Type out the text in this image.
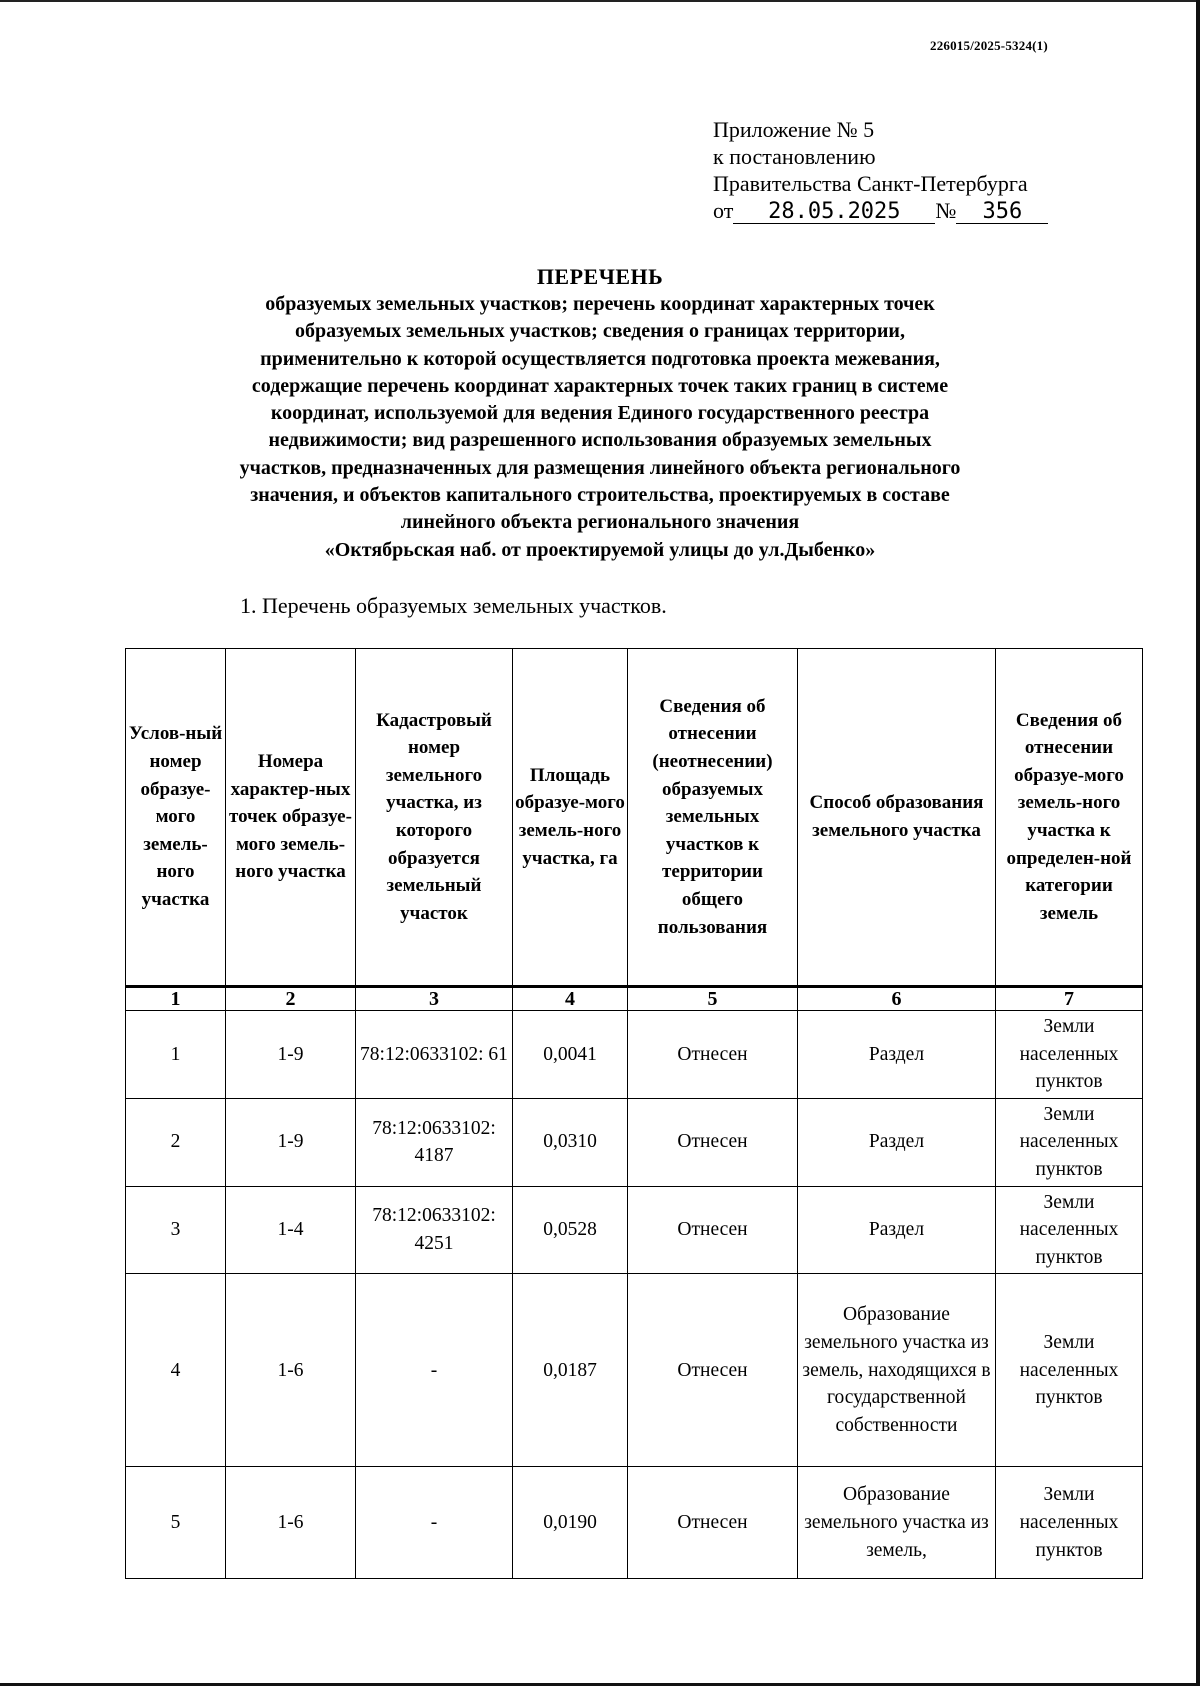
226015/2025-5324(1)
Приложение № 5
к постановлению
Правительства Санкт-Петербурга
от 28.05.2025 № 356
ПЕРЕЧЕНЬ

образуемых земельных участков; перечень координат характерных точек

образуемых земельных участков; сведения о границах территории,

применительно к которой осуществляется подготовка проекта межевания,

содержащие перечень координат характерных точек таких границ в системе

координат, используемой для ведения Единого государственного реестра

недвижимости; вид разрешенного использования образуемых земельных

участков, предназначенных для размещения линейного объекта регионального

значения, и объектов капитального строительства, проектируемых в составе

линейного объекта регионального значения

«Октябрьская наб. от проектируемой улицы до ул.Дыбенко»

1. Перечень образуемых земельных участков.
Услов-ный номер образуе-мого земель-ного участка	Номера характер-ных точек образуе-мого земель-ного участка	Кадастровый номер земельного участка, из которого образуется земельный участок	Площадь образуе-мого земель-ного участка, га	Сведения об отнесении (неотнесении) образуемых земельных участков к территории общего пользования	Способ образования земельного участка	Сведения об отнесении образуе-мого земель-ного участка к определен-ной категории земель
1	2	3	4	5	6	7
1	1-9	78:12:0633102: 61	0,0041	Отнесен	Раздел	Земли населенных пунктов
2	1-9	78:12:0633102: 4187	0,0310	Отнесен	Раздел	Земли населенных пунктов
3	1-4	78:12:0633102: 4251	0,0528	Отнесен	Раздел	Земли населенных пунктов
4	1-6	-	0,0187	Отнесен	Образование земельного участка из земель, находящихся в государственной собственности	Земли населенных пунктов
5	1-6	-	0,0190	Отнесен	Образование земельного участка из земель,	Земли населенных пунктов
